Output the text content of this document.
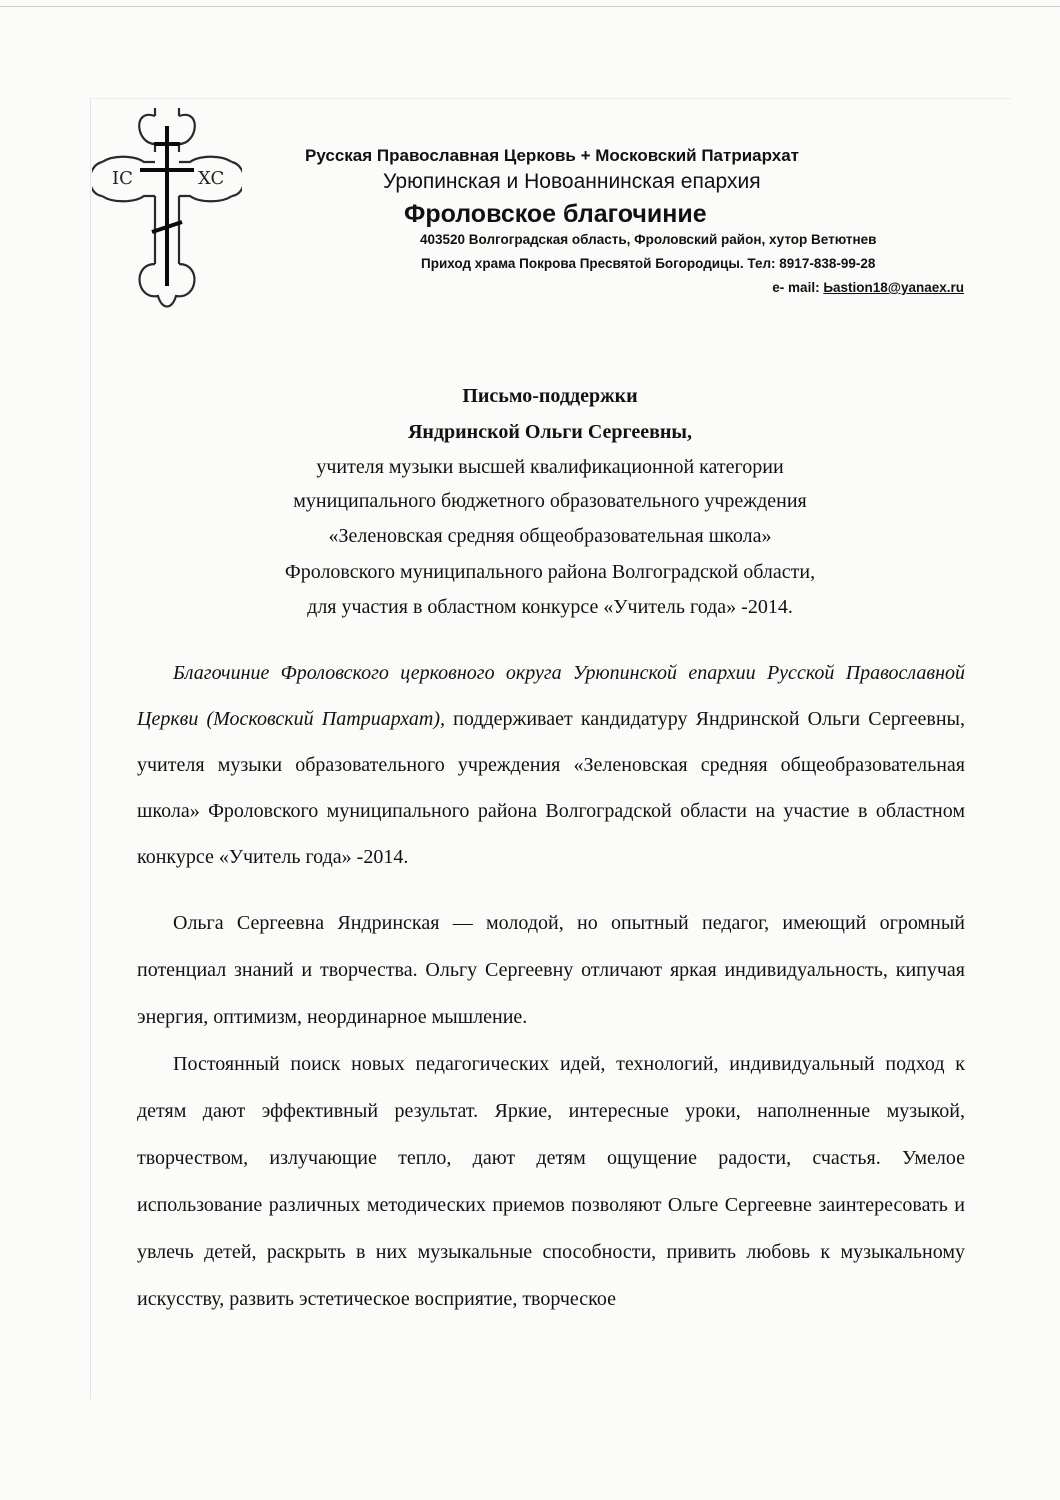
IC	XC
Русская Православная Церковь + Московский Патриархат
Урюпинская и Новоаннинская епархия
Фроловское благочиние
403520 Волгоградская область, Фроловский район, хутор Ветютнев
Приход храма Покрова Пресвятой Богородицы. Тел: 8917-838-99-28
e- mail: Ьastion18@yanaex.ru
Письмо-поддержки
Яндринской Ольги Сергеевны,
учителя музыки высшей квалификационной категории
муниципального бюджетного образовательного учреждения
«Зеленовская средняя общеобразовательная школа»
Фроловского муниципального района Волгоградской области,
для участия в областном конкурсе «Учитель года» -2014.

Благочиние Фроловского церковного округа Урюпинской епархии Русской Православной Церкви (Московский Патриархат), поддерживает кандидатуру Яндринской Ольги Сергеевны, учителя музыки образовательного учреждения «Зеленовская средняя общеобразовательная школа» Фроловского муниципального района Волгоградской области на участие в областном конкурсе «Учитель года» -2014.

Ольга Сергеевна Яндринская — молодой, но опытный педагог, имеющий огромный потенциал знаний и творчества. Ольгу Сергеевну отличают яркая индивидуальность, кипучая энергия, оптимизм, неординарное мышление.

Постоянный поиск новых педагогических идей, технологий, индивидуальный подход к детям дают эффективный результат. Яркие, интересные уроки, наполненные музыкой, творчеством, излучающие тепло, дают детям ощущение радости, счастья. Умелое использование различных методических приемов позволяют Ольге Сергеевне заинтересовать и увлечь детей, раскрыть в них музыкальные способности, привить любовь к музыкальному искусству, развить эстетическое восприятие, творческое
